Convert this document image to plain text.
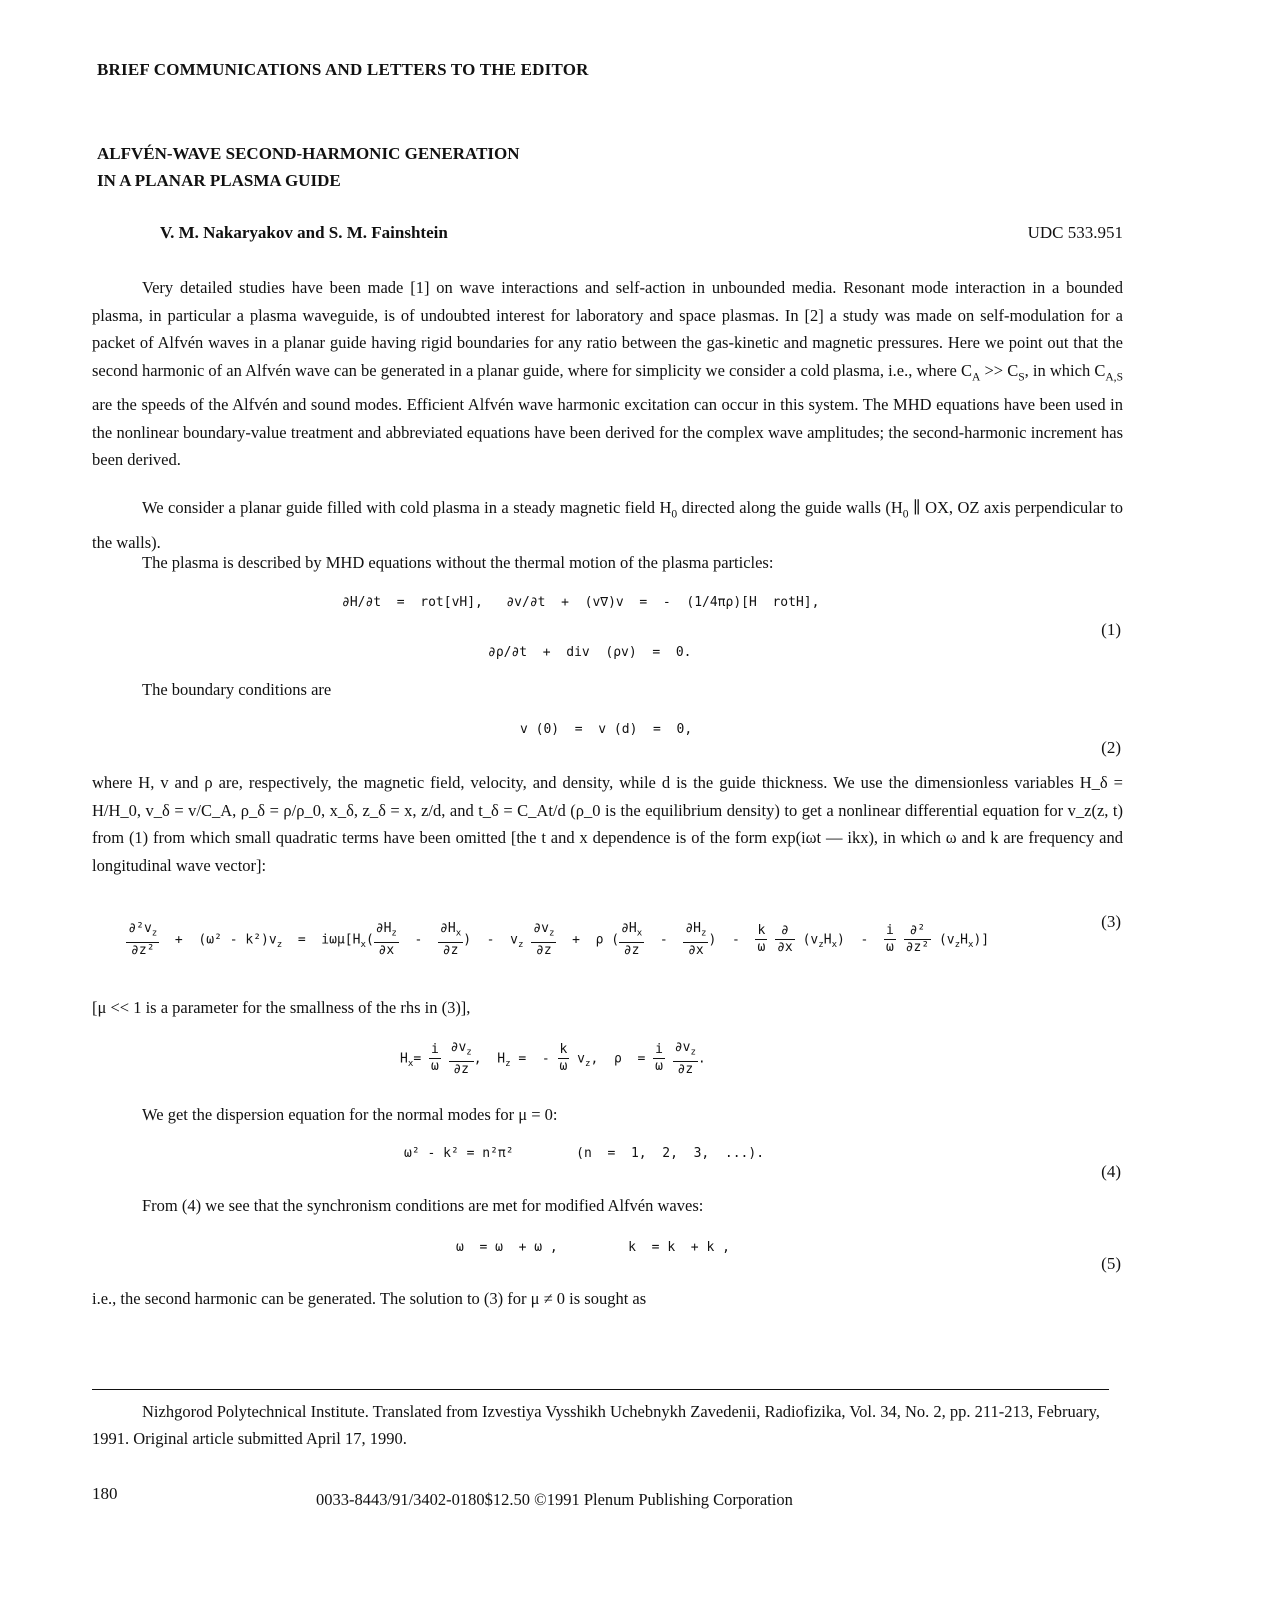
BRIEF COMMUNICATIONS AND LETTERS TO THE EDITOR
ALFVÉN-WAVE SECOND-HARMONIC GENERATION
IN A PLANAR PLASMA GUIDE
V. M. Nakaryakov and S. M. Fainshtein	UDC 533.951
Very detailed studies have been made [1] on wave interactions and self-action in unbounded media. Resonant mode interaction in a bounded plasma, in particular a plasma waveguide, is of undoubted interest for laboratory and space plasmas. In [2] a study was made on self-modulation for a packet of Alfvén waves in a planar guide having rigid boundaries for any ratio between the gas-kinetic and magnetic pressures. Here we point out that the second harmonic of an Alfvén wave can be generated in a planar guide, where for simplicity we consider a cold plasma, i.e., where $C_A >> C_S$, in which $C_{A,S}$ are the speeds of the Alfvén and sound modes. Efficient Alfvén wave harmonic excitation can occur in this system. The MHD equations have been used in the nonlinear boundary-value treatment and abbreviated equations have been derived for the complex wave amplitudes; the second-harmonic increment has been derived.
We consider a planar guide filled with cold plasma in a steady magnetic field $H_0$ directed along the guide walls ($H_0$ ∥ OX, OZ axis perpendicular to the walls).
The plasma is described by MHD equations without the thermal motion of the plasma particles:
∂H/∂t  =  rot[vH],   ∂v/∂t  +  (v∇)v  =  -  (1/4πρ)[H  rotH],
∂ρ/∂t  +  div  (ρv)  =  0.
(1)
The boundary conditions are
v (0)  =  v (d)  =  0,
(2)
where H, v and ρ are, respectively, the magnetic field, velocity, and density, while d is the guide thickness. We use the dimensionless variables H_δ = H/H_0, v_δ = v/C_A, ρ_δ = ρ/ρ_0, x_δ, z_δ = x, z/d, and t_δ = C_At/d (ρ_0 is the equilibrium density) to get a nonlinear differential equation for v_z(z, t) from (1) from which small quadratic terms have been omitted [the t and x dependence is of the form exp(iωt — ikx), in which ω and k are frequency and longitudinal wave vector]:

$\frac{\partial^2v_z}{\text{∂z²}} + (\omega^2 - k^2)v_z = i\omega\mu[H_x( \frac{\partial H_z}{\partial x} - \frac{\partial H_x}{\partial z}$ )  -  $v_z \frac{\partial v_z}{\partial z} + \rho$ ( $\frac{\partial H_x}{\partial z} - \frac{\partial H_z}{\partial x}$ )  - $\frac{k}{\omega}$
$\frac{\partial}{\partial x} (v_zH_x) - \frac{i}{\omega}$
$\frac{\text{∂²}}{\text{∂z²}} (v_zH_x)$]

(3)
[μ << 1 is a parameter for the smallness of the rhs in (3)],
$H_x= \frac{i}{\omega}$
$\frac{\partial v_z}{\partial z}$ ,  $H_z$ =  - $\frac{k}{\omega} v_z$,  $\rho = \frac{i}{\omega}$
$\frac{\partial v_z}{\partial z}$ .
We get the dispersion equation for the normal modes for μ = 0:
ω² - k² = n²π²        (n  =  1,  2,  3,  ...).
(4)
From (4) we see that the synchronism conditions are met for modified Alfvén waves:
ω  = ω  + ω ,         k  = k  + k ,
(5)
i.e., the second harmonic can be generated. The solution to (3) for μ ≠ 0 is sought as
Nizhgorod Polytechnical Institute. Translated from Izvestiya Vysshikh Uchebnykh Zavedenii, Radiofizika, Vol. 34, No. 2, pp. 211-213, February, 1991. Original article submitted April 17, 1990.
180	0033-8443/91/3402-0180$12.50 ©1991 Plenum Publishing Corporation
